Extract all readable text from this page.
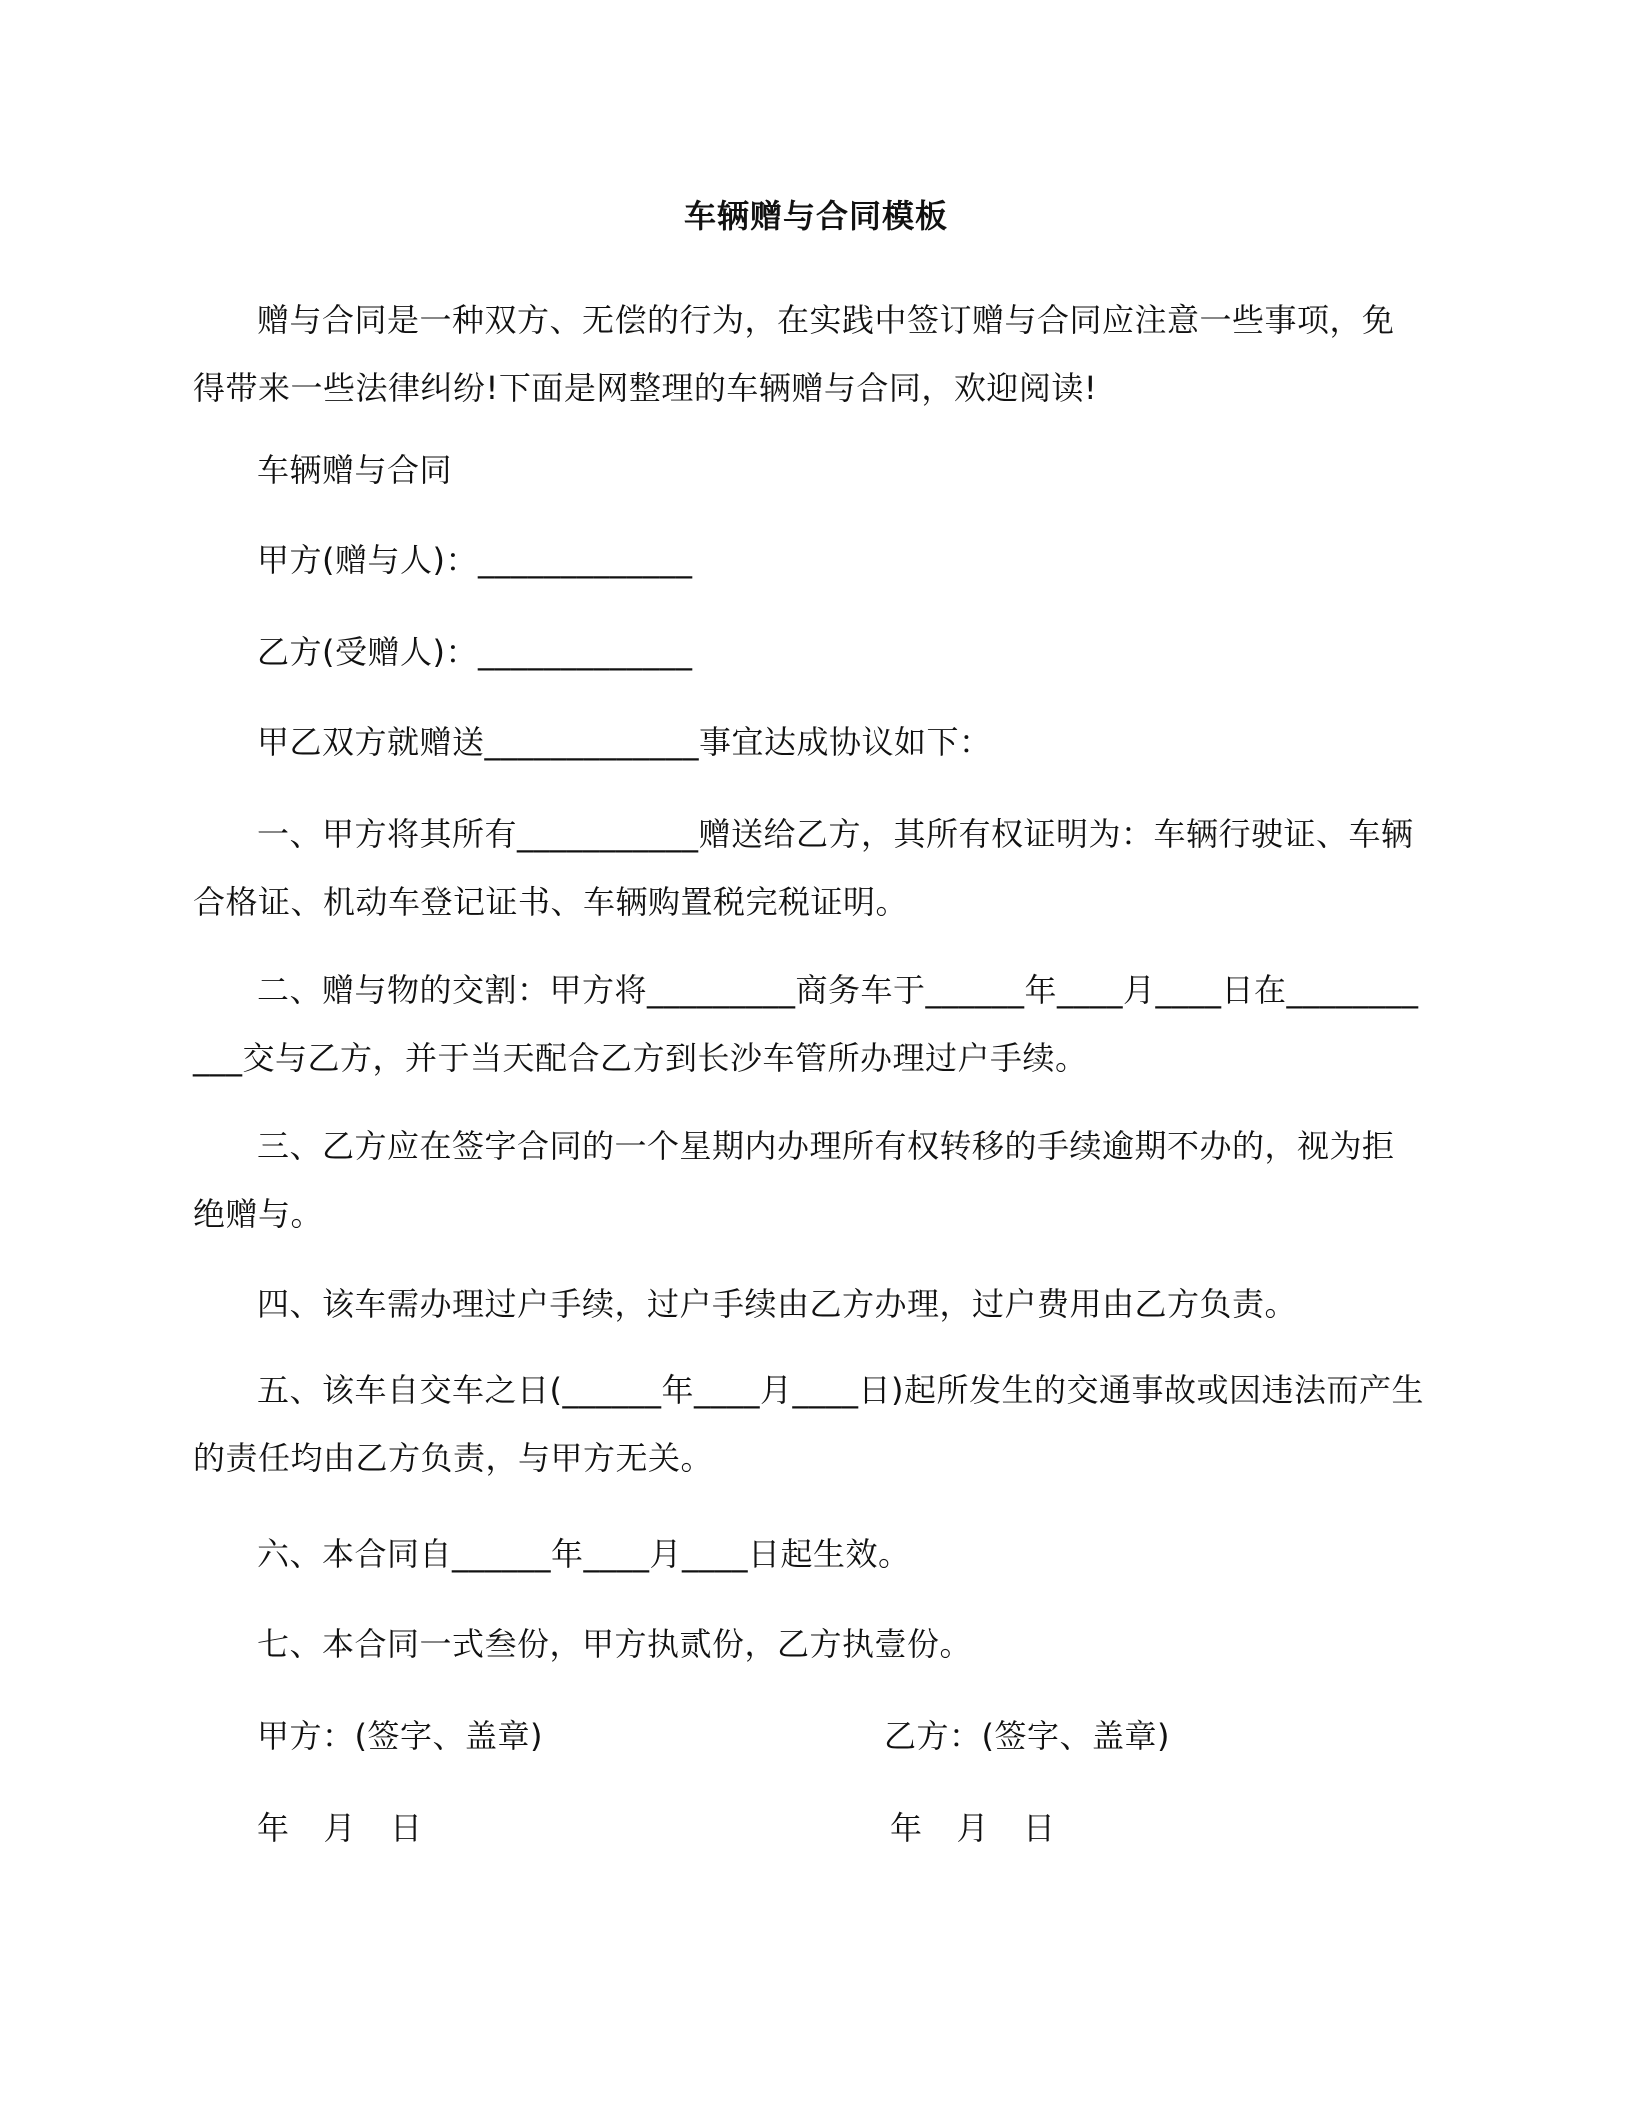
车辆赠与合同模板
赠与合同是一种双方、无偿的行为，在实践中签订赠与合同应注意一些事项，免得带来一些法律纠纷!下面是网整理的车辆赠与合同，欢迎阅读!
车辆赠与合同
甲方(赠与人)：_____________
乙方(受赠人)：_____________
甲乙双方就赠送_____________事宜达成协议如下：
一、甲方将其所有___________赠送给乙方，其所有权证明为：车辆行驶证、车辆合格证、机动车登记证书、车辆购置税完税证明。
二、赠与物的交割：甲方将_________商务车于______年____月____日在___________交与乙方，并于当天配合乙方到长沙车管所办理过户手续。
三、乙方应在签字合同的一个星期内办理所有权转移的手续逾期不办的，视为拒绝赠与。
四、该车需办理过户手续，过户手续由乙方办理，过户费用由乙方负责。
五、该车自交车之日(______年____月____日)起所发生的交通事故或因违法而产生的责任均由乙方负责，与甲方无关。
六、本合同自______年____月____日起生效。
七、本合同一式叁份，甲方执贰份，乙方执壹份。
甲方：(签字、盖章)	乙方：(签字、盖章)
年 月 日	年 月 日
